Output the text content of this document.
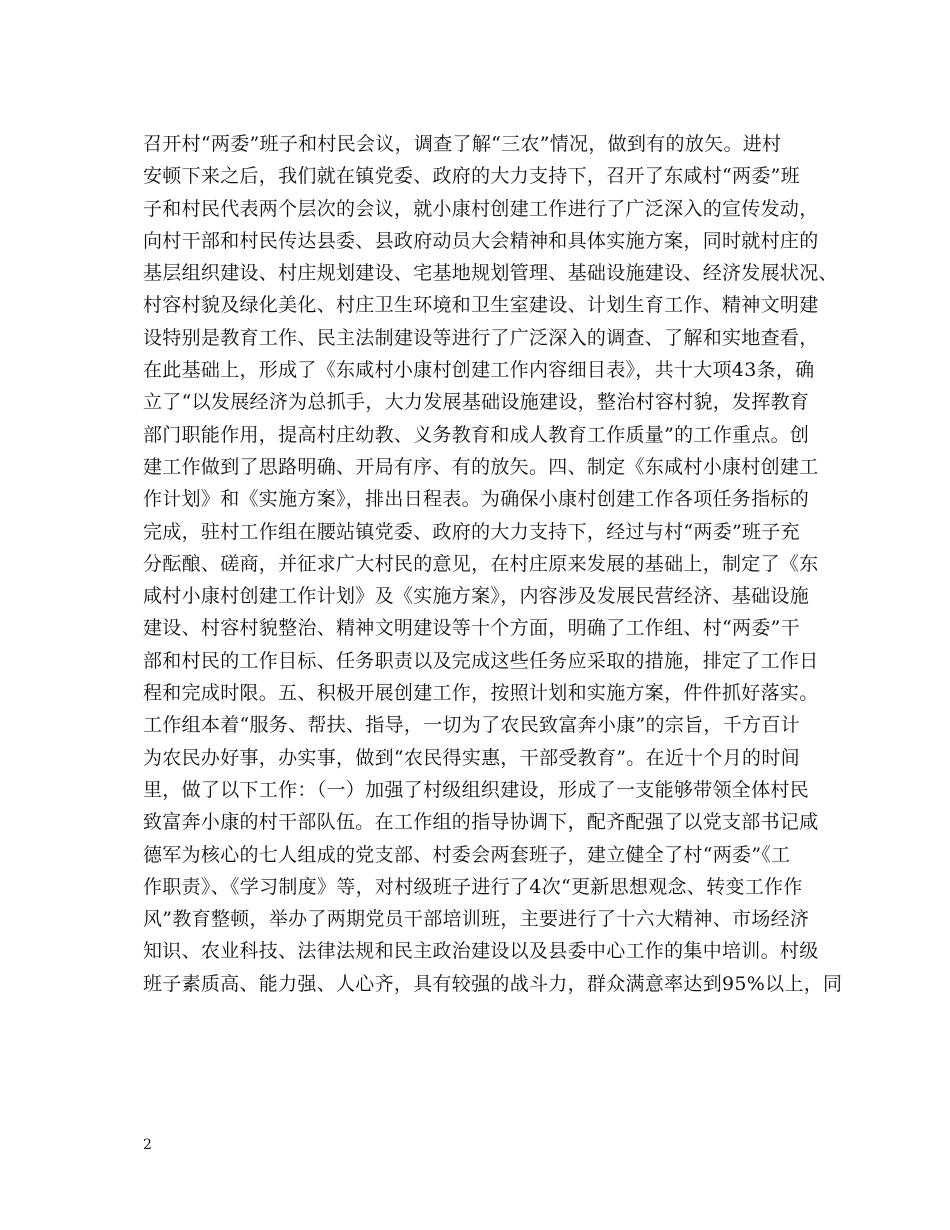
召开村“两委”班子和村民会议，调查了解“三农”情况，做到有的放矢。进村
安顿下来之后，我们就在镇党委、政府的大力支持下，召开了东咸村“两委”班
子和村民代表两个层次的会议，就小康村创建工作进行了广泛深入的宣传发动，
向村干部和村民传达县委、县政府动员大会精神和具体实施方案，同时就村庄的
基层组织建设、村庄规划建设、宅基地规划管理、基础设施建设、经济发展状况、
村容村貌及绿化美化、村庄卫生环境和卫生室建设、计划生育工作、精神文明建
设特别是教育工作、民主法制建设等进行了广泛深入的调查、了解和实地查看，
在此基础上，形成了《东咸村小康村创建工作内容细目表》，共十大项43条，确
立了“以发展经济为总抓手，大力发展基础设施建设，整治村容村貌，发挥教育
部门职能作用，提高村庄幼教、义务教育和成人教育工作质量”的工作重点。创
建工作做到了思路明确、开局有序、有的放矢。四、制定《东咸村小康村创建工
作计划》和《实施方案》，排出日程表。为确保小康村创建工作各项任务指标的
完成，驻村工作组在腰站镇党委、政府的大力支持下，经过与村“两委”班子充
分酝酿、磋商，并征求广大村民的意见，在村庄原来发展的基础上，制定了《东
咸村小康村创建工作计划》及《实施方案》，内容涉及发展民营经济、基础设施
建设、村容村貌整治、精神文明建设等十个方面，明确了工作组、村“两委”干
部和村民的工作目标、任务职责以及完成这些任务应采取的措施，排定了工作日
程和完成时限。五、积极开展创建工作，按照计划和实施方案，件件抓好落实。
工作组本着“服务、帮扶、指导，一切为了农民致富奔小康”的宗旨，千方百计
为农民办好事，办实事，做到“农民得实惠，干部受教育”。在近十个月的时间
里，做了以下工作：（一）加强了村级组织建设，形成了一支能够带领全体村民
致富奔小康的村干部队伍。在工作组的指导协调下，配齐配强了以党支部书记咸
德军为核心的七人组成的党支部、村委会两套班子，建立健全了村“两委”《工
作职责》、《学习制度》等，对村级班子进行了4次“更新思想观念、转变工作作
风”教育整顿，举办了两期党员干部培训班，主要进行了十六大精神、市场经济
知识、农业科技、法律法规和民主政治建设以及县委中心工作的集中培训。村级
班子素质高、能力强、人心齐，具有较强的战斗力，群众满意率达到95%以上，同
2
